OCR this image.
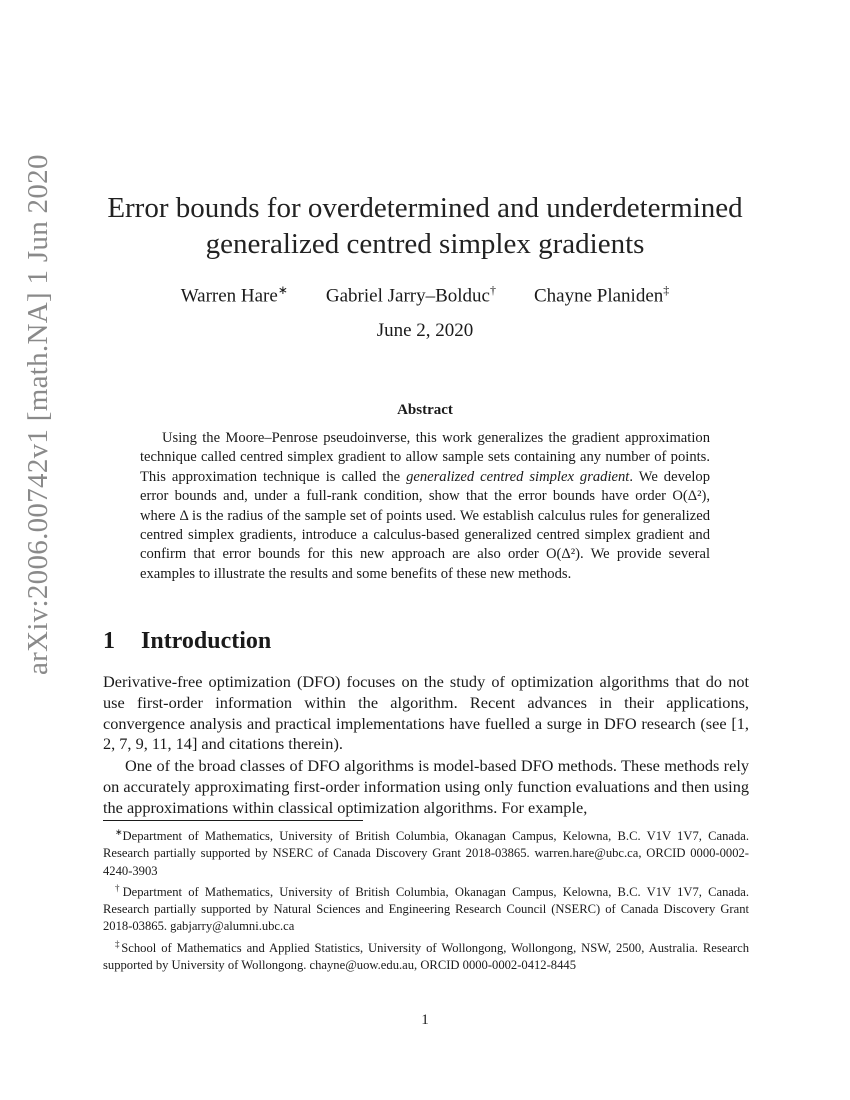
arXiv:2006.00742v1 [math.NA] 1 Jun 2020	Error bounds for overdetermined and underdetermined
generalized centred simplex gradients
Warren Hare∗ Gabriel Jarry–Bolduc† Chayne Planiden‡
June 2, 2020
Abstract
Using the Moore–Penrose pseudoinverse, this work generalizes the gradient approximation technique called centred simplex gradient to allow sample sets containing any number of points. This approximation technique is called the generalized centred simplex gradient. We develop error bounds and, under a full-rank condition, show that the error bounds have order O(Δ²), where Δ is the radius of the sample set of points used. We establish calculus rules for generalized centred simplex gradients, introduce a calculus-based generalized centred simplex gradient and confirm that error bounds for this new approach are also order O(Δ²). We provide several examples to illustrate the results and some benefits of these new methods.
1 Introduction
Derivative-free optimization (DFO) focuses on the study of optimization algorithms that do not use first-order information within the algorithm. Recent advances in their applications, convergence analysis and practical implementations have fuelled a surge in DFO research (see [1, 2, 7, 9, 11, 14] and citations therein).
One of the broad classes of DFO algorithms is model-based DFO methods. These methods rely on accurately approximating first-order information using only function evaluations and then using the approximations within classical optimization algorithms. For example,

∗Department of Mathematics, University of British Columbia, Okanagan Campus, Kelowna, B.C. V1V 1V7, Canada. Research partially supported by NSERC of Canada Discovery Grant 2018-03865. warren.hare@ubc.ca, ORCID 0000-0002-4240-3903

†Department of Mathematics, University of British Columbia, Okanagan Campus, Kelowna, B.C. V1V 1V7, Canada. Research partially supported by Natural Sciences and Engineering Research Council (NSERC) of Canada Discovery Grant 2018-03865. gabjarry@alumni.ubc.ca

‡School of Mathematics and Applied Statistics, University of Wollongong, Wollongong, NSW, 2500, Australia. Research supported by University of Wollongong. chayne@uow.edu.au, ORCID 0000-0002-0412-8445

1
